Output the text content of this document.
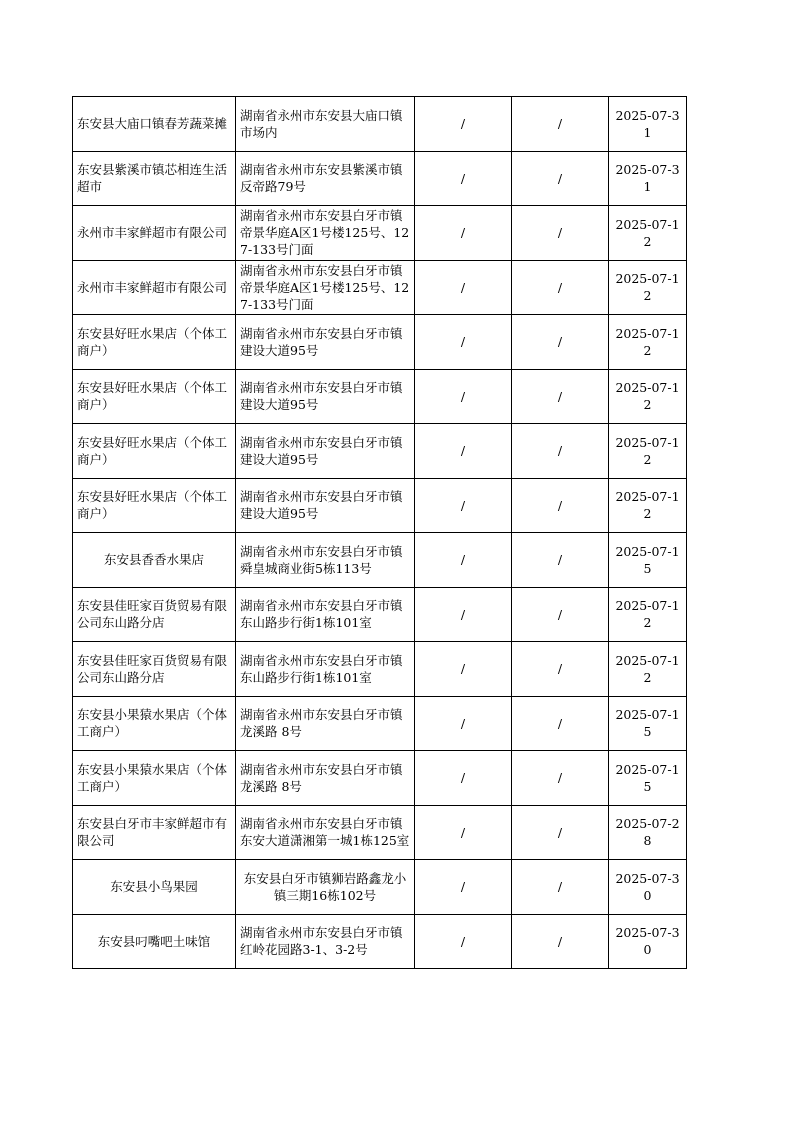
东安县大庙口镇春芳蔬菜摊	湖南省永州市东安县大庙口镇市场内	/	/	2025-07-31
东安县紫溪市镇芯相连生活超市	湖南省永州市东安县紫溪市镇反帝路79号	/	/	2025-07-31
永州市丰家鲜超市有限公司	湖南省永州市东安县白牙市镇帝景华庭A区1号楼125号、127-133号门面	/	/	2025-07-12
永州市丰家鲜超市有限公司	湖南省永州市东安县白牙市镇帝景华庭A区1号楼125号、127-133号门面	/	/	2025-07-12
东安县好旺水果店（个体工商户）	湖南省永州市东安县白牙市镇建设大道95号	/	/	2025-07-12
东安县好旺水果店（个体工商户）	湖南省永州市东安县白牙市镇建设大道95号	/	/	2025-07-12
东安县好旺水果店（个体工商户）	湖南省永州市东安县白牙市镇建设大道95号	/	/	2025-07-12
东安县好旺水果店（个体工商户）	湖南省永州市东安县白牙市镇建设大道95号	/	/	2025-07-12
东安县香香水果店	湖南省永州市东安县白牙市镇舜皇城商业街5栋113号	/	/	2025-07-15
东安县佳旺家百货贸易有限公司东山路分店	湖南省永州市东安县白牙市镇东山路步行街1栋101室	/	/	2025-07-12
东安县佳旺家百货贸易有限公司东山路分店	湖南省永州市东安县白牙市镇东山路步行街1栋101室	/	/	2025-07-12
东安县小果猿水果店（个体工商户）	湖南省永州市东安县白牙市镇龙溪路 8号	/	/	2025-07-15
东安县小果猿水果店（个体工商户）	湖南省永州市东安县白牙市镇龙溪路 8号	/	/	2025-07-15
东安县白牙市丰家鲜超市有限公司	湖南省永州市东安县白牙市镇东安大道潇湘第一城1栋125室	/	/	2025-07-28
东安县小鸟果园	东安县白牙市镇狮岩路鑫龙小镇三期16栋102号	/	/	2025-07-30
东安县叼嘴吧土味馆	湖南省永州市东安县白牙市镇红岭花园路3-1、3-2号	/	/	2025-07-30
